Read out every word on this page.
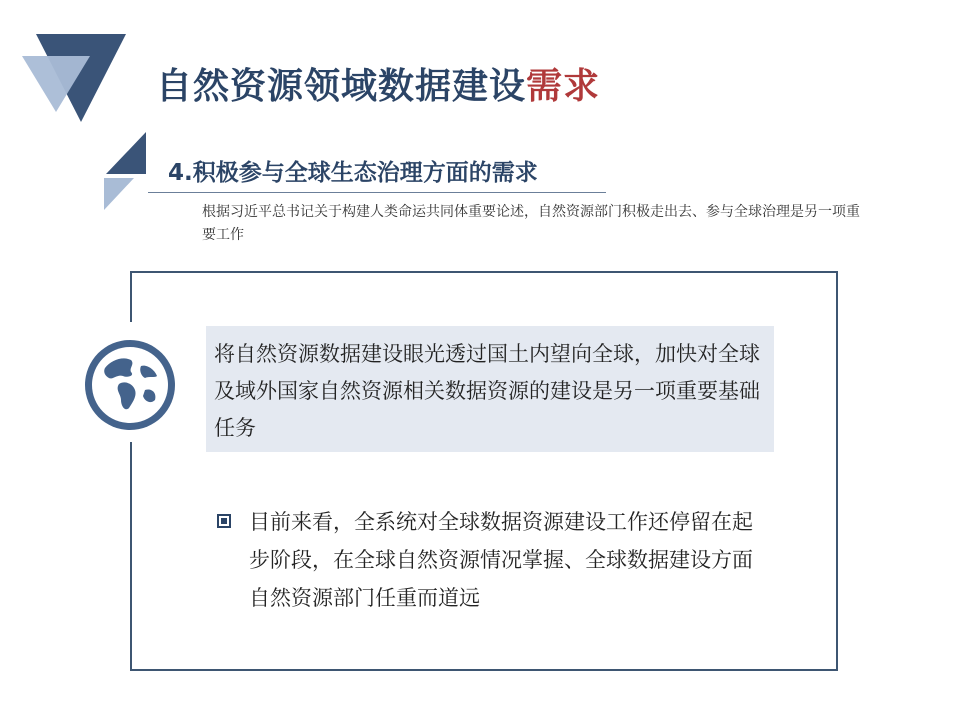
自然资源领域数据建设需求
4.积极参与全球生态治理方面的需求
根据习近平总书记关于构建人类命运共同体重要论述，自然资源部门积极走出去、参与全球治理是另一项重要工作
将自然资源数据建设眼光透过国土内望向全球，加快对全球及域外国家自然资源相关数据资源的建设是另一项重要基础任务
目前来看，全系统对全球数据资源建设工作还停留在起步阶段，在全球自然资源情况掌握、全球数据建设方面自然资源部门任重而道远
